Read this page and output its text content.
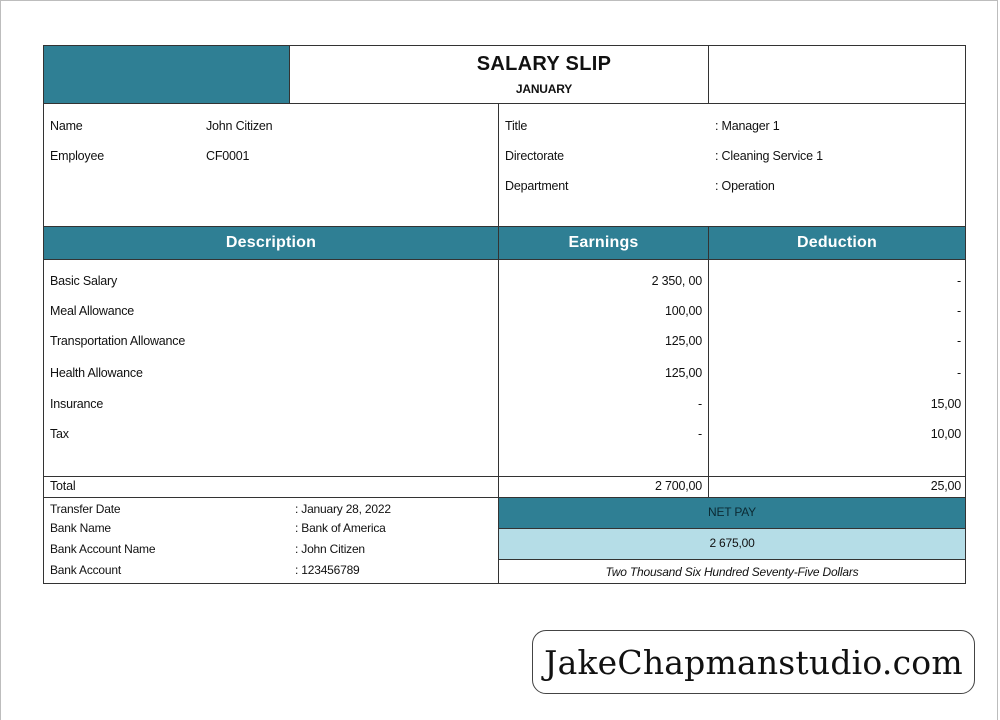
SALARY SLIP
JANUARY
Name	John Citizen
Employee	CF0001
Title	: Manager 1
Directorate	: Cleaning Service 1
Department	: Operation
Description	Earnings	Deduction
Basic Salary	2 350, 00	-
Meal Allowance	100,00	-
Transportation Allowance	125,00	-
Health Allowance	125,00	-
Insurance	-	15,00
Tax	-	10,00
Total	2 700,00	25,00
Transfer Date	: January 28, 2022
Bank Name	: Bank of America
Bank Account Name	: John Citizen
Bank Account	: 123456789
NET PAY
2 675,00
Two Thousand Six Hundred Seventy-Five Dollars
JakeChapmanstudio.com
